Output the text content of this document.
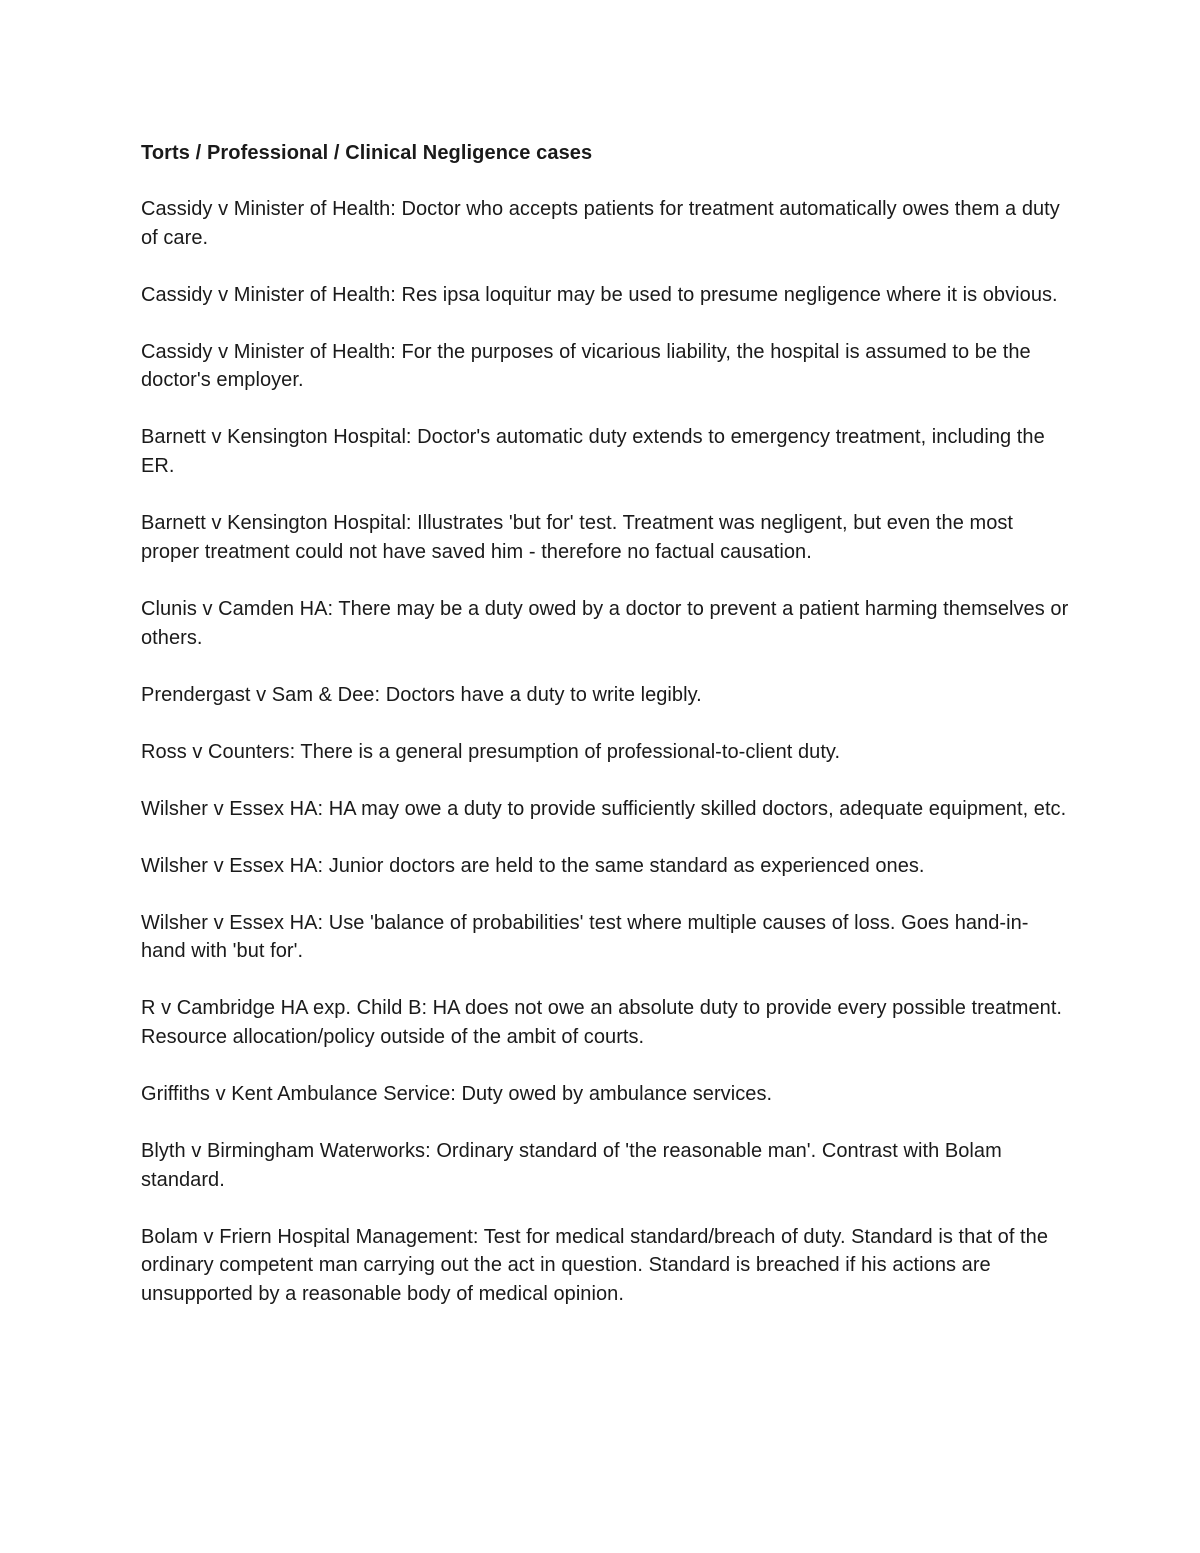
Torts / Professional / Clinical Negligence cases
Cassidy v Minister of Health: Doctor who accepts patients for treatment automatically owes them a duty of care.
Cassidy v Minister of Health: Res ipsa loquitur may be used to presume negligence where it is obvious.
Cassidy v Minister of Health: For the purposes of vicarious liability, the hospital is assumed to be the doctor's employer.
Barnett v Kensington Hospital: Doctor's automatic duty extends to emergency treatment, including the ER.
Barnett v Kensington Hospital: Illustrates 'but for' test. Treatment was negligent, but even the most proper treatment could not have saved him - therefore no factual causation.
Clunis v Camden HA: There may be a duty owed by a doctor to prevent a patient harming themselves or others.
Prendergast v Sam & Dee: Doctors have a duty to write legibly.
Ross v Counters: There is a general presumption of professional-to-client duty.
Wilsher v Essex HA: HA may owe a duty to provide sufficiently skilled doctors, adequate equipment, etc.
Wilsher v Essex HA: Junior doctors are held to the same standard as experienced ones.
Wilsher v Essex HA: Use 'balance of probabilities' test where multiple causes of loss. Goes hand-in-hand with 'but for'.
R v Cambridge HA exp. Child B: HA does not owe an absolute duty to provide every possible treatment. Resource allocation/policy outside of the ambit of courts.
Griffiths v Kent Ambulance Service: Duty owed by ambulance services.
Blyth v Birmingham Waterworks: Ordinary standard of 'the reasonable man'. Contrast with Bolam standard.
Bolam v Friern Hospital Management: Test for medical standard/breach of duty. Standard is that of the ordinary competent man carrying out the act in question. Standard is breached if his actions are unsupported by a reasonable body of medical opinion.
